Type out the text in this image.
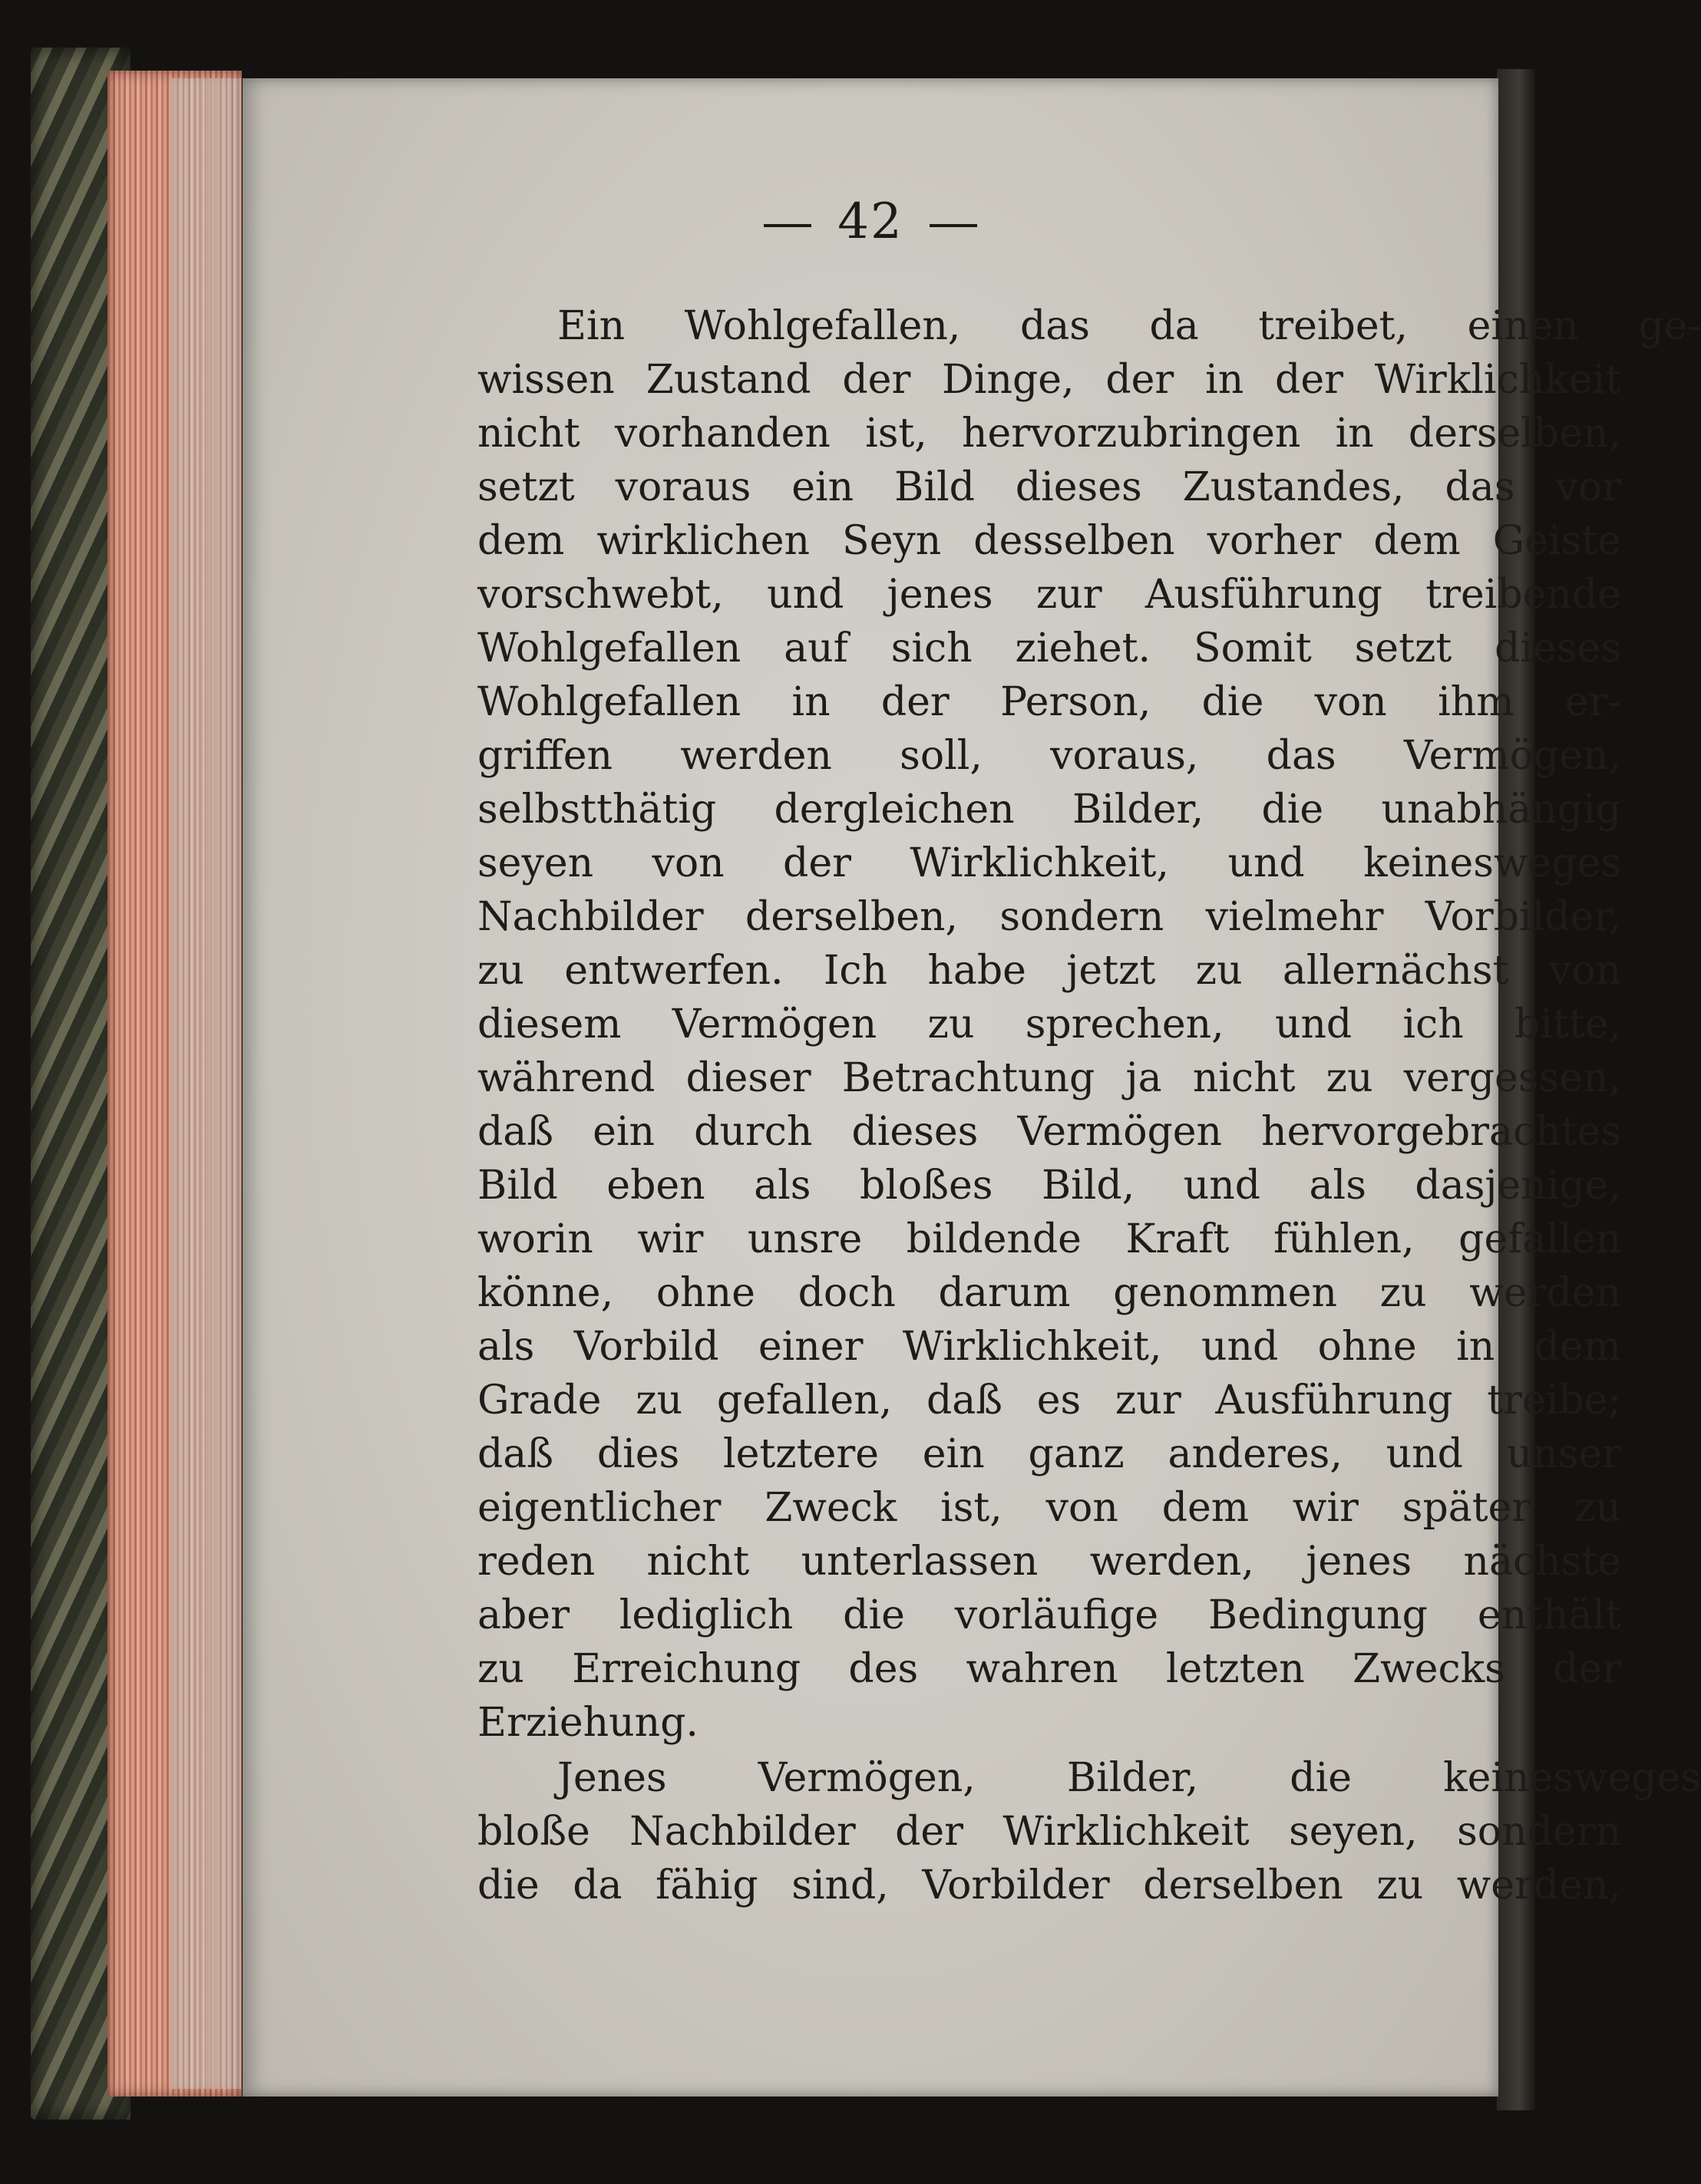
42
Ein Wohlgefallen, das da treibet, einen ge-
wissen Zustand der Dinge, der in der Wirklichkeit
nicht vorhanden ist, hervorzubringen in derselben,
setzt voraus ein Bild dieses Zustandes, das vor
dem wirklichen Seyn desselben vorher dem Geiste
vorschwebt, und jenes zur Ausführung treibende
Wohlgefallen auf sich ziehet. Somit setzt dieses
Wohlgefallen in der Person, die von ihm er-
griffen werden soll, voraus, das Vermögen,
selbstthätig dergleichen Bilder, die unabhängig
seyen von der Wirklichkeit, und keinesweges
Nachbilder derselben, sondern vielmehr Vorbilder,
zu entwerfen. Ich habe jetzt zu allernächst von
diesem Vermögen zu sprechen, und ich bitte,
während dieser Betrachtung ja nicht zu vergessen,
daß ein durch dieses Vermögen hervorgebrachtes
Bild eben als bloßes Bild, und als dasjenige,
worin wir unsre bildende Kraft fühlen, gefallen
könne, ohne doch darum genommen zu werden
als Vorbild einer Wirklichkeit, und ohne in dem
Grade zu gefallen, daß es zur Ausführung treibe;
daß dies letztere ein ganz anderes, und unser
eigentlicher Zweck ist, von dem wir später zu
reden nicht unterlassen werden, jenes nächste
aber lediglich die vorläufige Bedingung enthält
zu Erreichung des wahren letzten Zwecks der
Erziehung.
Jenes Vermögen, Bilder, die keinesweges
bloße Nachbilder der Wirklichkeit seyen, sondern
die da fähig sind, Vorbilder derselben zu werden,
